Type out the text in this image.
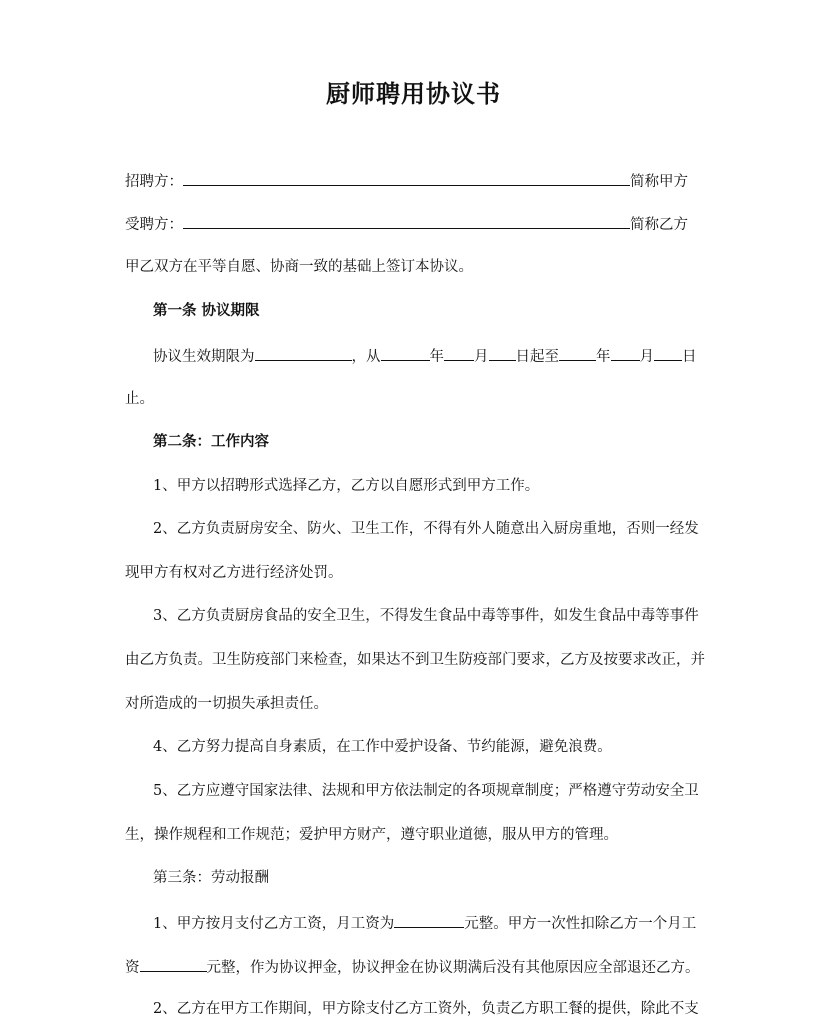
厨师聘用协议书
招聘方：	简称甲方
受聘方：	简称乙方
甲乙双方在平等自愿、协商一致的基础上签订本协议。
第一条 协议期限
协议生效期限为	，从	年 月 日起至	年 月 日
止。
第二条：工作内容
1、甲方以招聘形式选择乙方，乙方以自愿形式到甲方工作。
2、乙方负责厨房安全、防火、卫生工作，不得有外人随意出入厨房重地，否则一经发
现甲方有权对乙方进行经济处罚。
3、乙方负责厨房食品的安全卫生，不得发生食品中毒等事件，如发生食品中毒等事件
由乙方负责。卫生防疫部门来检查，如果达不到卫生防疫部门要求，乙方及按要求改正，并
对所造成的一切损失承担责任。
4、乙方努力提高自身素质，在工作中爱护设备、节约能源，避免浪费。
5、乙方应遵守国家法律、法规和甲方依法制定的各项规章制度；严格遵守劳动安全卫
生，操作规程和工作规范；爱护甲方财产，遵守职业道德，服从甲方的管理。
第三条：劳动报酬
1、甲方按月支付乙方工资，月工资为	元整。甲方一次性扣除乙方一个月工
资	元整，作为协议押金，协议押金在协议期满后没有其他原因应全部退还乙方。
2、乙方在甲方工作期间，甲方除支付乙方工资外，负责乙方职工餐的提供，除此不支
